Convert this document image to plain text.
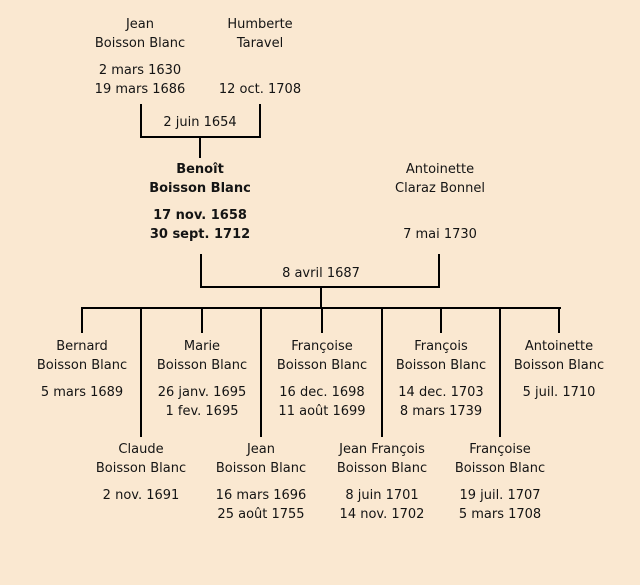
Jean
Boisson Blanc
2 mars 1630
19 mars 1686
Humberte
Taravel
12 oct. 1708
2 juin 1654
Benoît
Boisson Blanc
17 nov. 1658
30 sept. 1712
Antoinette
Claraz Bonnel
7 mai 1730
8 avril 1687
Bernard
Boisson Blanc
5 mars 1689
Marie
Boisson Blanc
26 janv. 1695
1 fev. 1695
Françoise
Boisson Blanc
16 dec. 1698
11 août 1699
François
Boisson Blanc
14 dec. 1703
8 mars 1739
Antoinette
Boisson Blanc
5 juil. 1710
Claude
Boisson Blanc
2 nov. 1691
Jean
Boisson Blanc
16 mars 1696
25 août 1755
Jean François
Boisson Blanc
8 juin 1701
14 nov. 1702
Françoise
Boisson Blanc
19 juil. 1707
5 mars 1708
